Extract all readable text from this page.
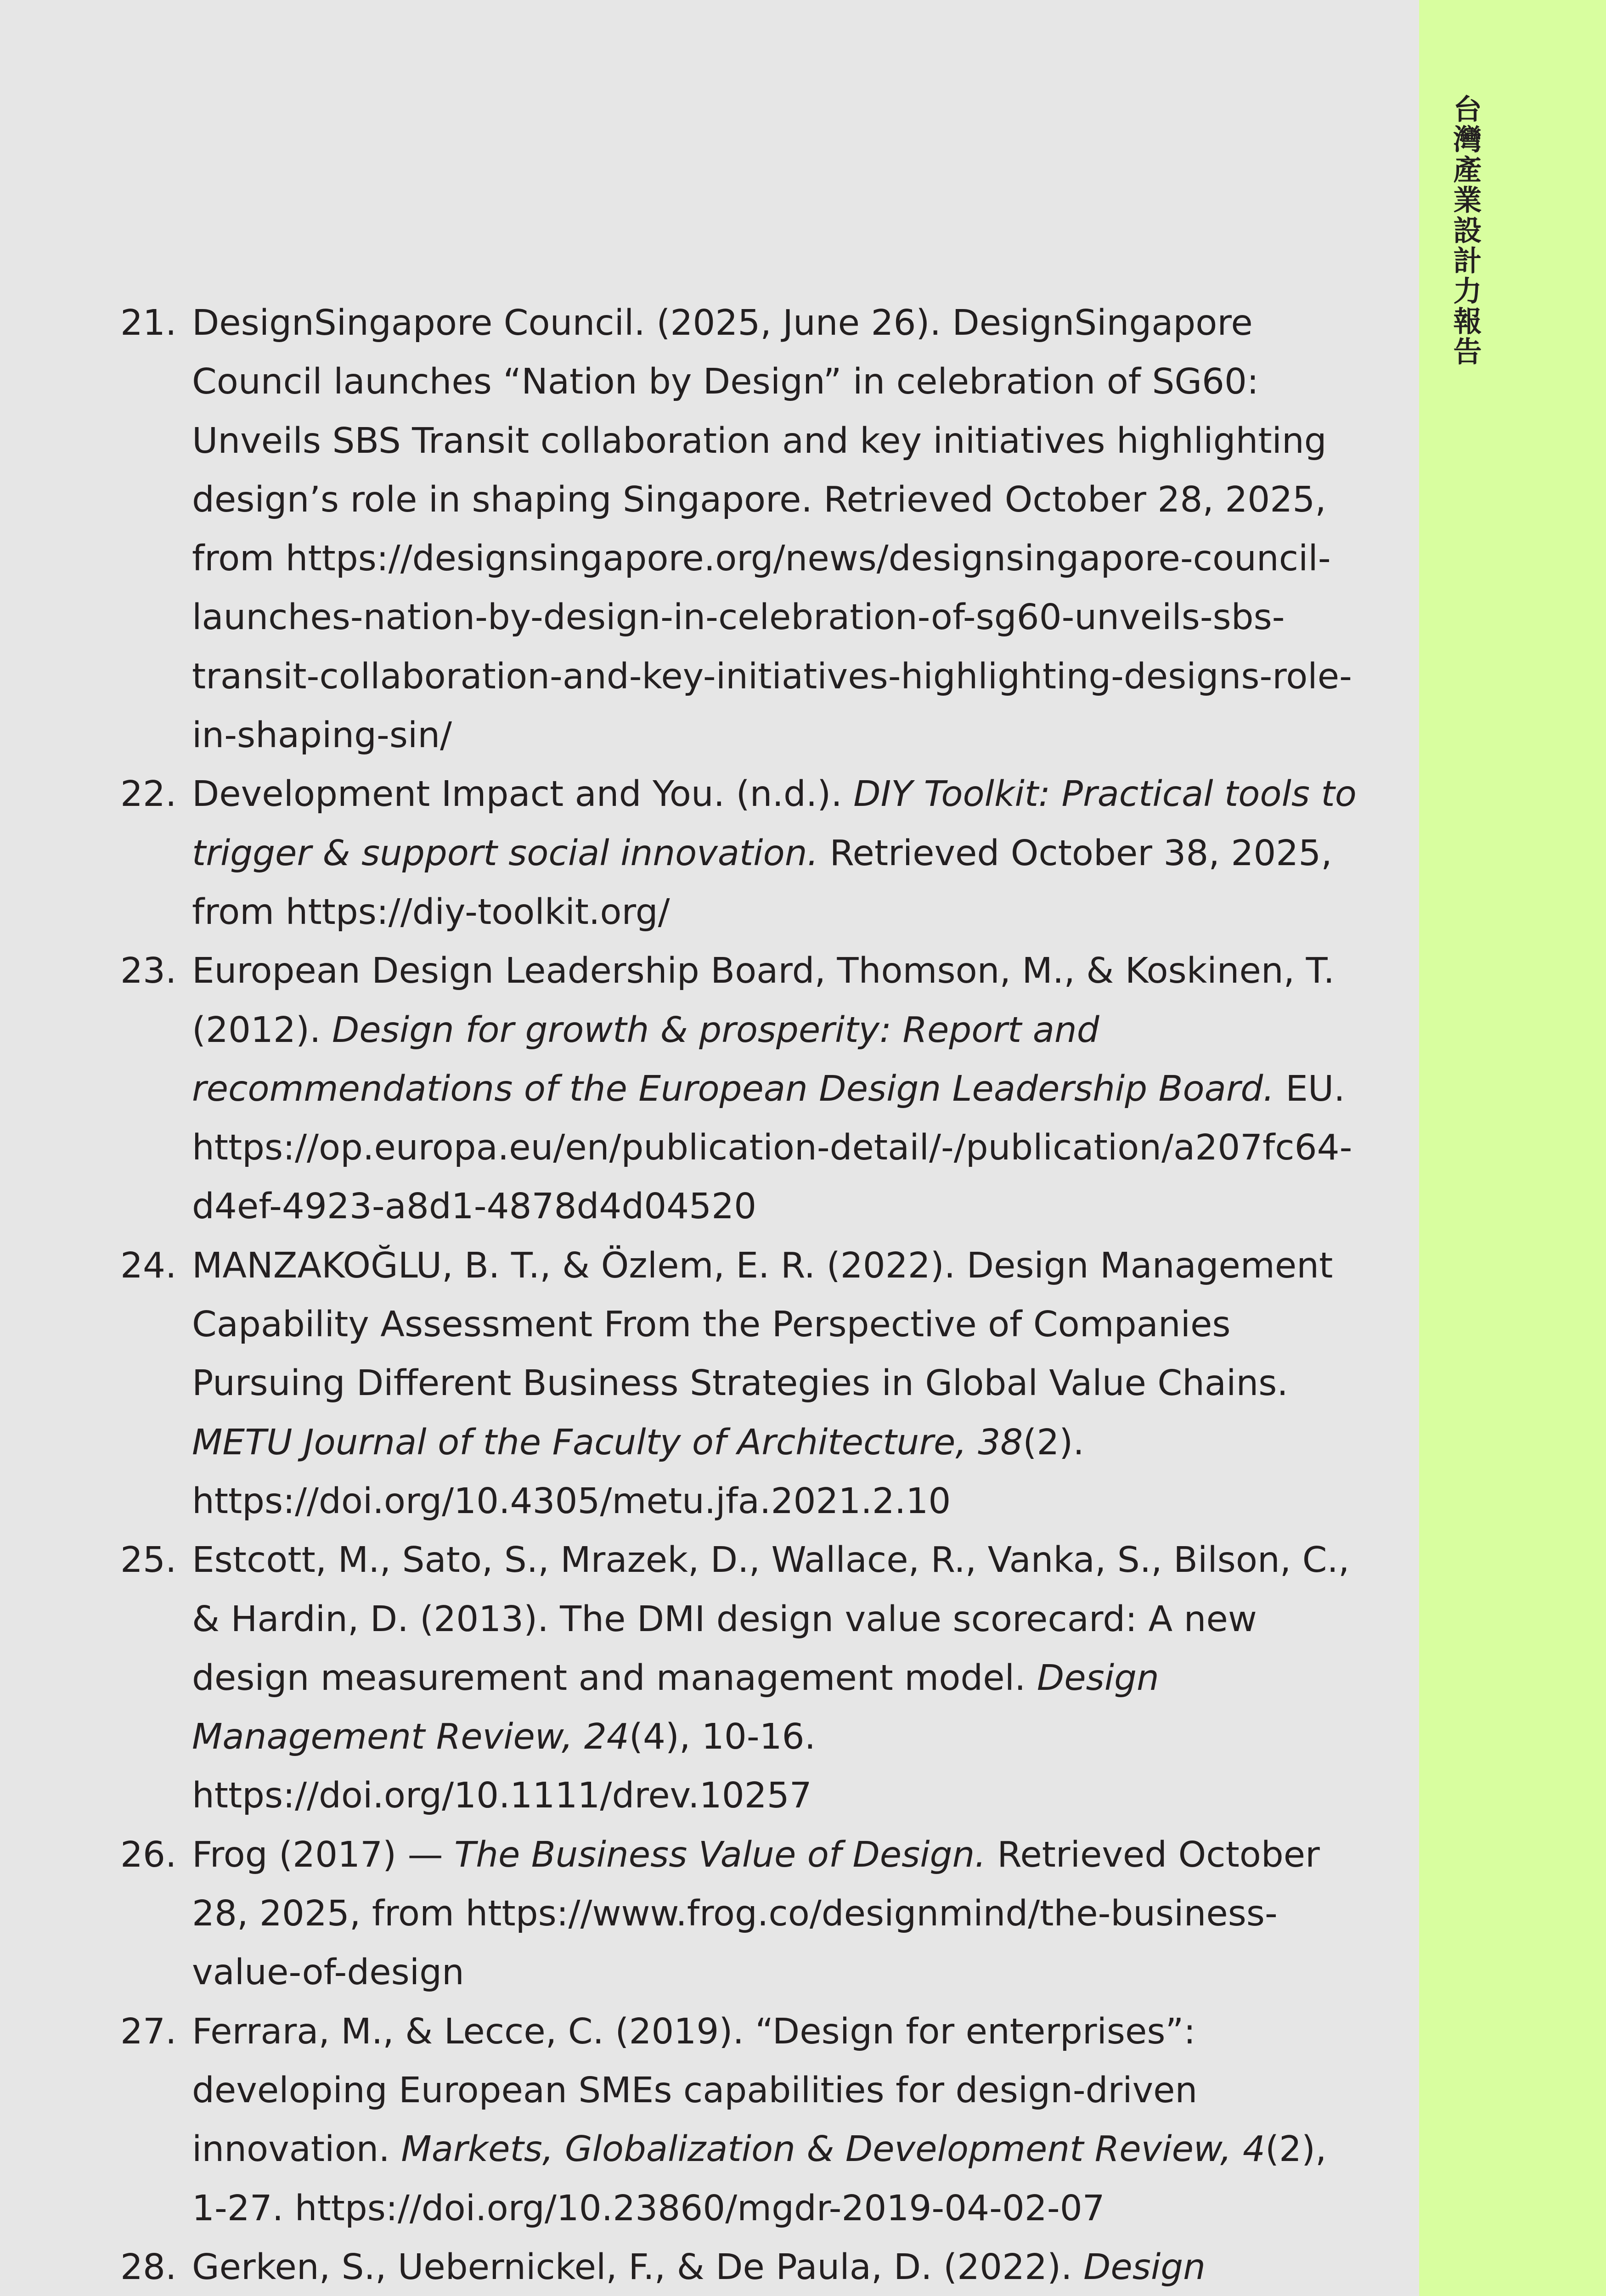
21. DesignSingapore Council. (2025, June 26). DesignSingapore Council launches “Nation by Design” in celebration of SG60: Unveils SBS Transit collaboration and key initiatives highlighting design’s role in shaping Singapore. Retrieved October 28, 2025, from https://designsingapore.org/news/designsingapore-council-launches-nation-by-design-in-celebration-of-sg60-unveils-sbs-transit-collaboration-and-key-initiatives-highlighting-designs-role-in-shaping-sin/
22. Development Impact and You. (n.d.). DIY Toolkit: Practical tools to trigger & support social innovation. Retrieved October 38, 2025, from https://diy-toolkit.org/
23. European Design Leadership Board, Thomson, M., & Koskinen, T. (2012). Design for growth & prosperity: Report and recommendations of the European Design Leadership Board. EU. https://op.europa.eu/en/publication-detail/-/publication/a207fc64-d4ef-4923-a8d1-4878d4d04520
24. MANZAKOĞLU, B. T., & Özlem, E. R. (2022). Design Management Capability Assessment From the Perspective of Companies Pursuing Different Business Strategies in Global Value Chains. METU Journal of the Faculty of Architecture, 38(2). https://doi.org/10.4305/metu.jfa.2021.2.10
25. Estcott, M., Sato, S., Mrazek, D., Wallace, R., Vanka, S., Bilson, C., & Hardin, D. (2013). The DMI design value scorecard: A new design measurement and management model. Design Management Review, 24(4), 10-16. https://doi.org/10.1111/drev.10257
26. Frog (2017) — The Business Value of Design. Retrieved October 28, 2025, from https://www.frog.co/designmind/the-business-value-of-design
27. Ferrara, M., & Lecce, C. (2019). “Design for enterprises”: developing European SMEs capabilities for design-driven innovation. Markets, Globalization & Development Review, 4(2), 1-27. https://doi.org/10.23860/mgdr-2019-04-02-07
28. Gerken, S., Uebernickel, F., & De Paula, D. (2022). Design
台灣產業設計力報告
